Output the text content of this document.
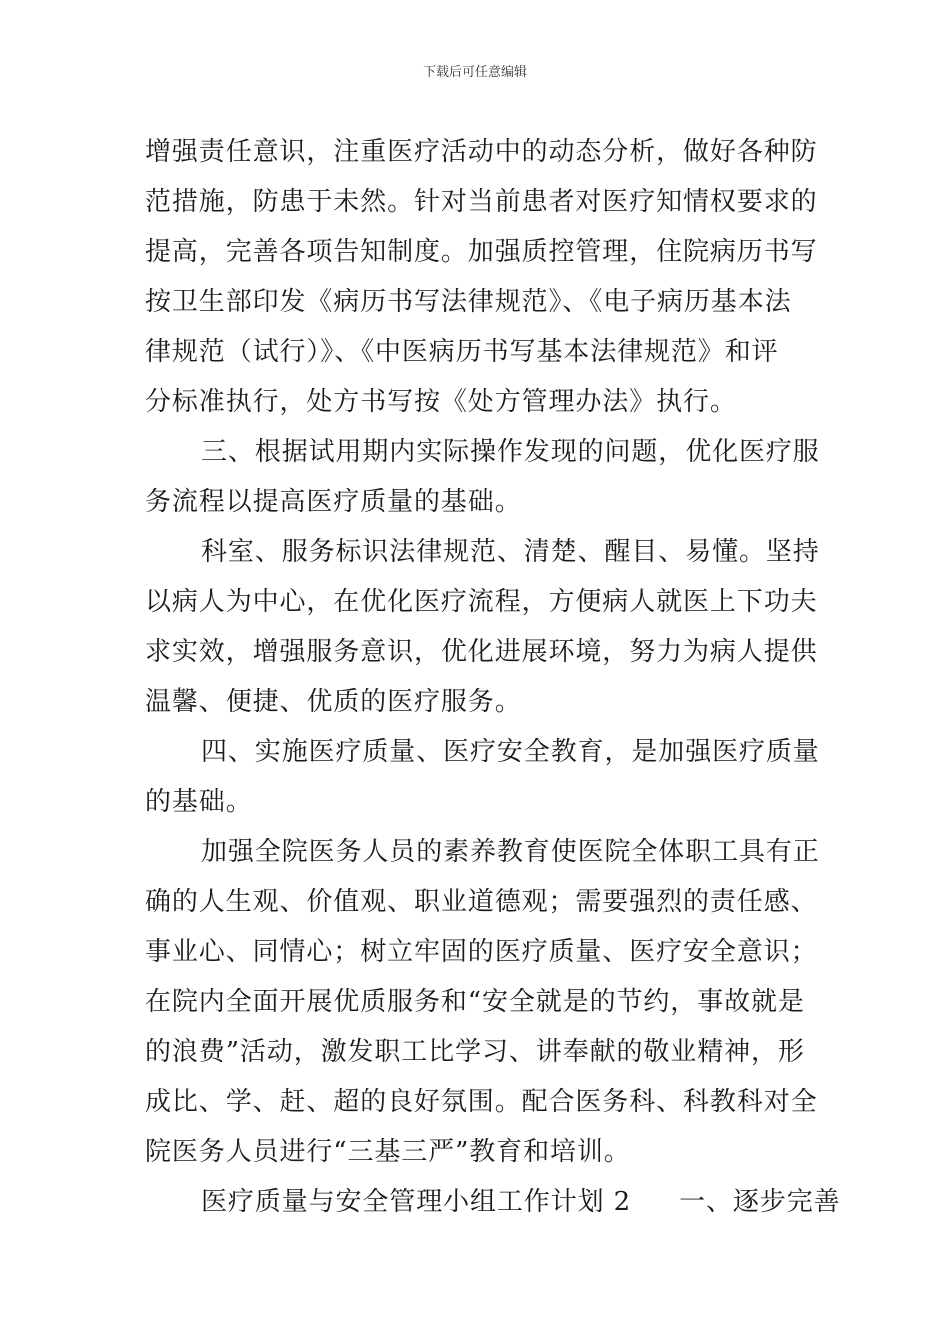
下载后可任意编辑
增强责任意识，注重医疗活动中的动态分析，做好各种防
范措施，防患于未然。针对当前患者对医疗知情权要求的
提高，完善各项告知制度。加强质控管理，住院病历书写
按卫生部印发《病历书写法律规范》、《电子病历基本法
律规范（试行）》、《中医病历书写基本法律规范》和评
分标准执行，处方书写按《处方管理办法》执行。
三、根据试用期内实际操作发现的问题，优化医疗服
务流程以提高医疗质量的基础。
科室、服务标识法律规范、清楚、醒目、易懂。坚持
以病人为中心，在优化医疗流程，方便病人就医上下功夫
求实效，增强服务意识，优化进展环境，努力为病人提供
温馨、便捷、优质的医疗服务。
四、实施医疗质量、医疗安全教育，是加强医疗质量
的基础。
加强全院医务人员的素养教育使医院全体职工具有正
确的人生观、价值观、职业道德观；需要强烈的责任感、
事业心、同情心；树立牢固的医疗质量、医疗安全意识；
在院内全面开展优质服务和“安全就是的节约，事故就是
的浪费”活动，激发职工比学习、讲奉献的敬业精神，形
成比、学、赶、超的良好氛围。配合医务科、科教科对全
院医务人员进行“三基三严”教育和培训。
医疗质量与安全管理小组工作计划 2 一、逐步完善
